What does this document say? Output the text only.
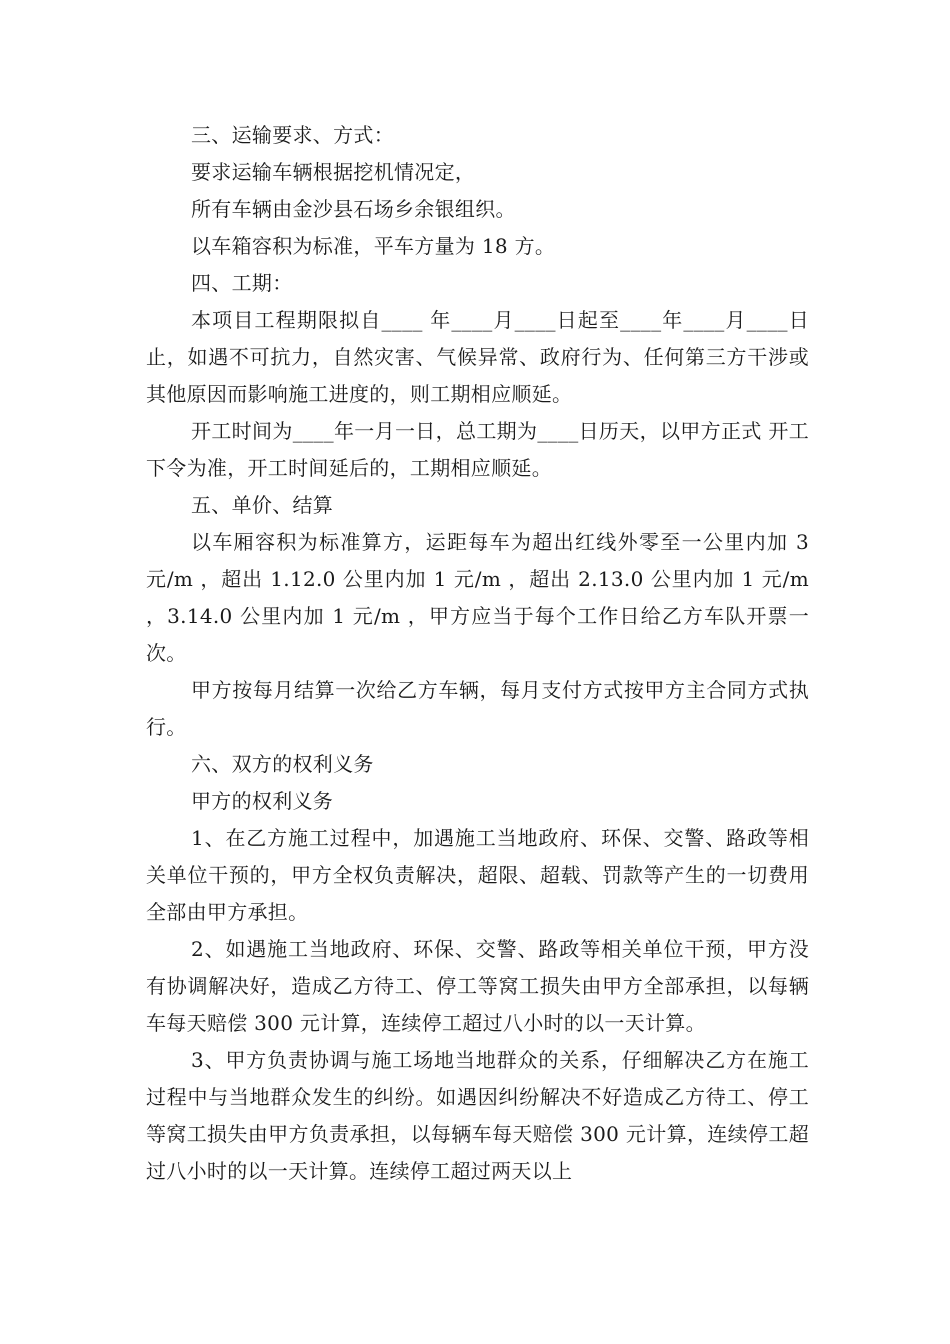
三、运输要求、方式：

要求运输车辆根据挖机情况定，

所有车辆由金沙县石场乡余银组织。

以车箱容积为标准，平车方量为 18 方。

四、工期：

本项目工程期限拟自____ 年____月____日起至____年____月____日止，如遇不可抗力，自然灾害、气候异常、政府行为、任何第三方干涉或其他原因而影响施工进度的，则工期相应顺延。

开工时间为____年一月一日，总工期为____日历天，以甲方正式 开工下令为准，开工时间延后的，工期相应顺延。

五、单价、结算

以车厢容积为标准算方，运距每车为超出红线外零至一公里内加 3 元/m ，超出 1.12.0 公里内加 1 元/m ，超出 2.13.0 公里内加 1 元/m ，3.14.0 公里内加 1 元/m ，甲方应当于每个工作日给乙方车队开票一次。

甲方按每月结算一次给乙方车辆，每月支付方式按甲方主合同方式执行。

六、双方的权利义务

甲方的权利义务

1、在乙方施工过程中，加遇施工当地政府、环保、交警、路政等相关单位干预的，甲方全权负责解决，超限、超载、罚款等产生的一切费用全部由甲方承担。

2、如遇施工当地政府、环保、交警、路政等相关单位干预，甲方没有协调解决好，造成乙方待工、停工等窝工损失由甲方全部承担，以每辆车每天赔偿 300 元计算，连续停工超过八小时的以一天计算。

3、甲方负责协调与施工场地当地群众的关系，仔细解决乙方在施工过程中与当地群众发生的纠纷。如遇因纠纷解决不好造成乙方待工、停工等窝工损失由甲方负责承担，以每辆车每天赔偿 300 元计算，连续停工超过八小时的以一天计算。连续停工超过两天以上
